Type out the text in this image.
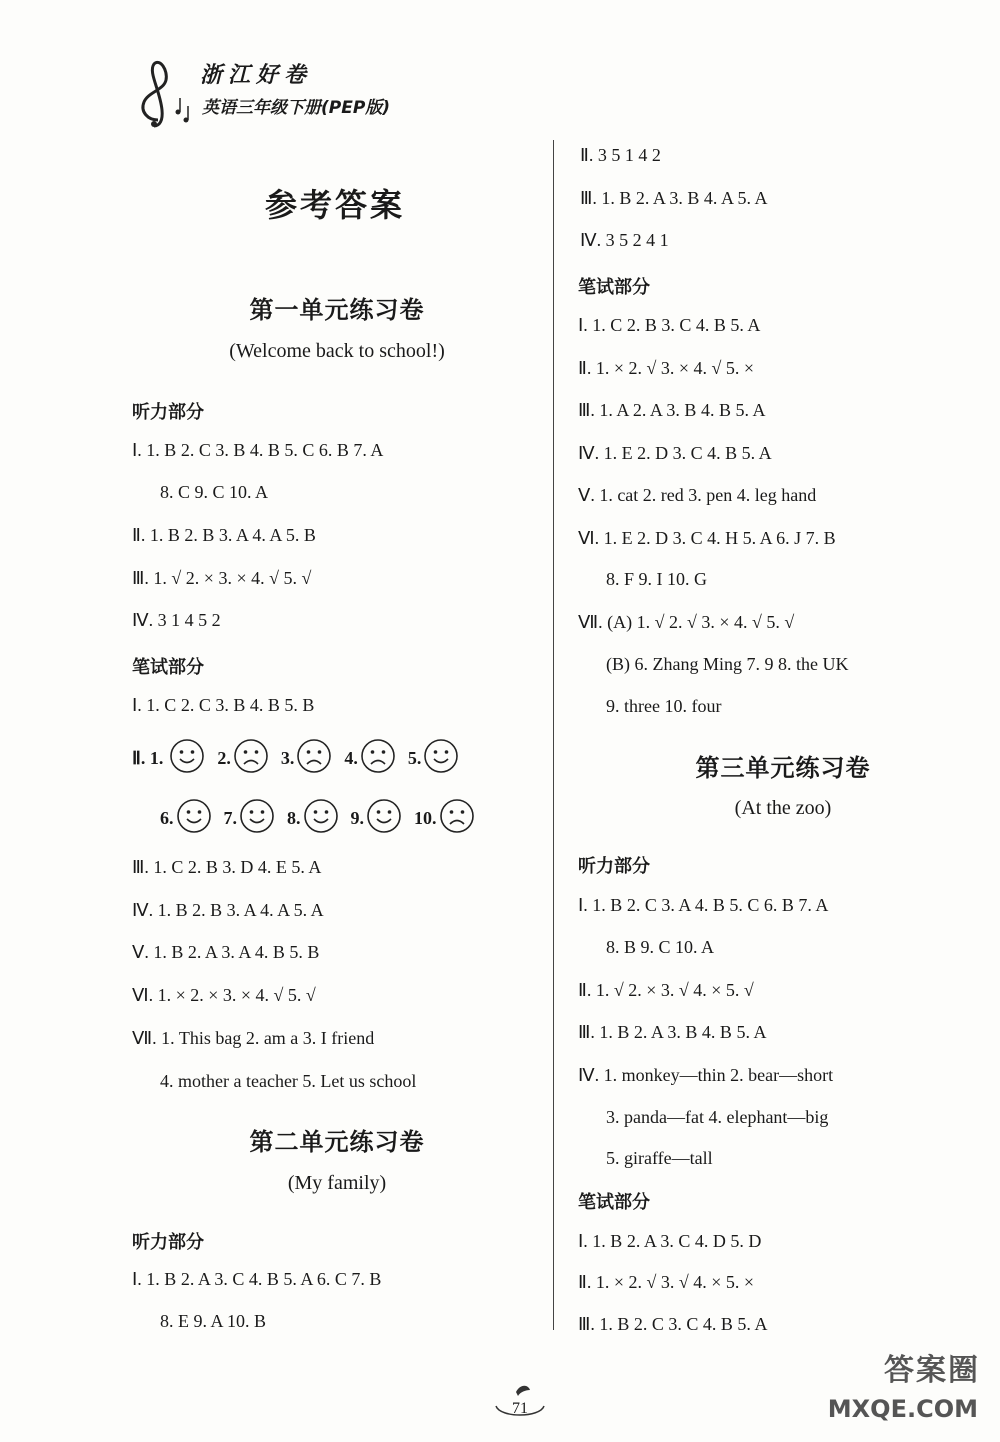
浙江好卷
英语三年级下册(PEP版)
参考答案
第一单元练习卷
(Welcome back to school!)
听力部分
Ⅰ. 1. B 2. C 3. B 4. B 5. C 6. B 7. A
8. C 9. C 10. A
Ⅱ. 1. B 2. B 3. A 4. A 5. B
Ⅲ. 1. √ 2. × 3. × 4. √ 5. √
Ⅳ. 3 1 4 5 2
笔试部分
Ⅰ. 1. C 2. C 3. B 4. B 5. B
Ⅱ. 1.	2.	3.	4.	5.
6.	7.	8.	9.	10.
Ⅲ. 1. C 2. B 3. D 4. E 5. A
Ⅳ. 1. B 2. B 3. A 4. A 5. A
Ⅴ. 1. B 2. A 3. A 4. B 5. B
Ⅵ. 1. × 2. × 3. × 4. √ 5. √
Ⅶ. 1. This bag 2. am a 3. I friend
4. mother a teacher 5. Let us school
第二单元练习卷
(My family)
听力部分
Ⅰ. 1. B 2. A 3. C 4. B 5. A 6. C 7. B
8. E 9. A 10. B
Ⅱ. 3 5 1 4 2
Ⅲ. 1. B 2. A 3. B 4. A 5. A
Ⅳ. 3 5 2 4 1
笔试部分
Ⅰ. 1. C 2. B 3. C 4. B 5. A
Ⅱ. 1. × 2. √ 3. × 4. √ 5. ×
Ⅲ. 1. A 2. A 3. B 4. B 5. A
Ⅳ. 1. E 2. D 3. C 4. B 5. A
Ⅴ. 1. cat 2. red 3. pen 4. leg hand
Ⅵ. 1. E 2. D 3. C 4. H 5. A 6. J 7. B
8. F 9. I 10. G
Ⅶ. (A) 1. √ 2. √ 3. × 4. √ 5. √
(B) 6. Zhang Ming 7. 9 8. the UK
9. three 10. four
第三单元练习卷
(At the zoo)
听力部分
Ⅰ. 1. B 2. C 3. A 4. B 5. C 6. B 7. A
8. B 9. C 10. A
Ⅱ. 1. √ 2. × 3. √ 4. × 5. √
Ⅲ. 1. B 2. A 3. B 4. B 5. A
Ⅳ. 1. monkey—thin 2. bear—short
3. panda—fat 4. elephant—big
5. giraffe—tall
笔试部分
Ⅰ. 1. B 2. A 3. C 4. D 5. D
Ⅱ. 1. × 2. √ 3. √ 4. × 5. ×
Ⅲ. 1. B 2. C 3. C 4. B 5. A
71
答案圈
MXQE.COM
